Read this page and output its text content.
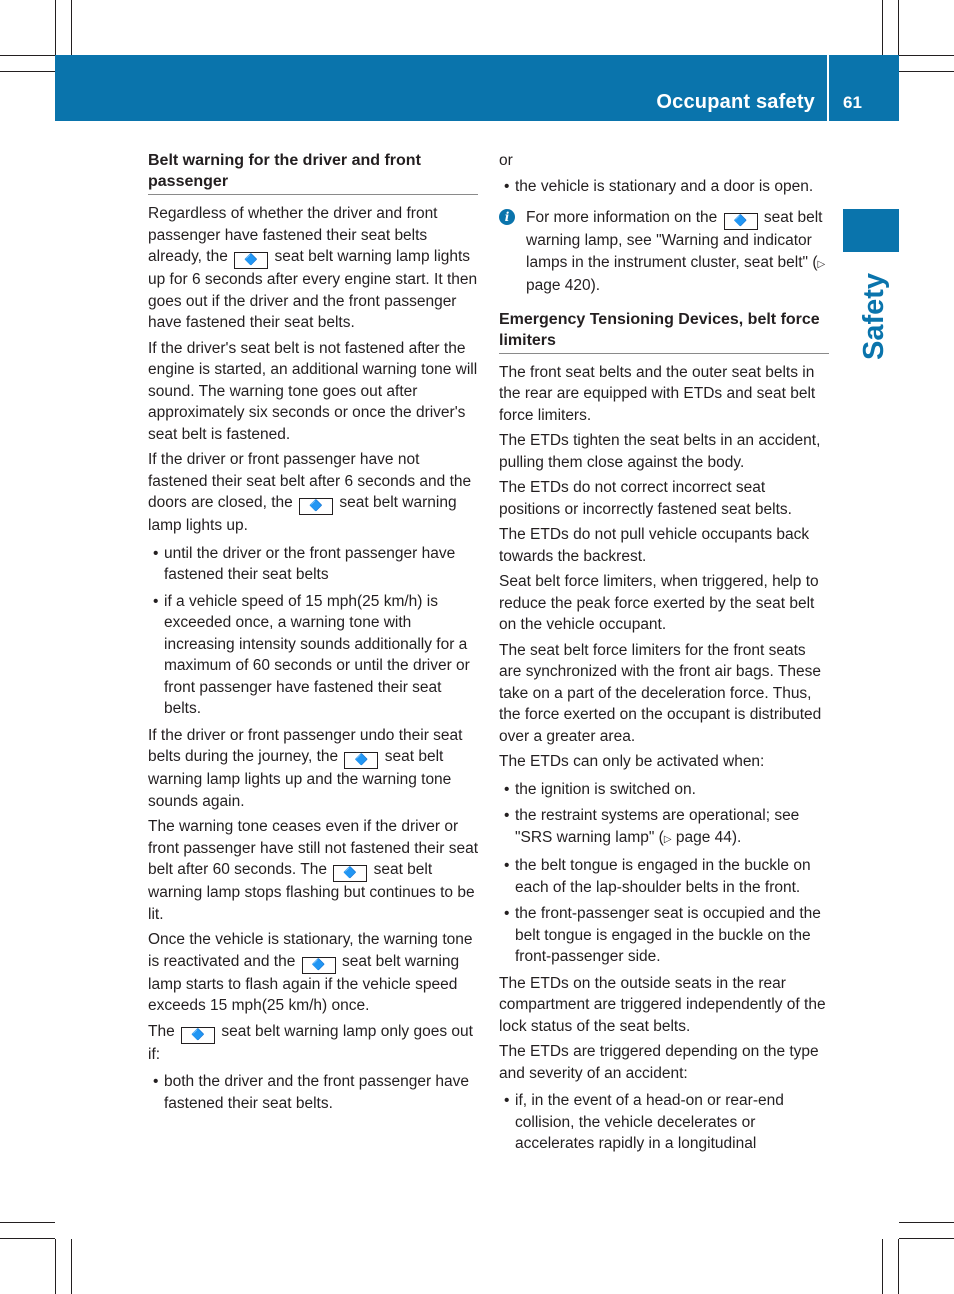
Occupant safety 61
Safety
Belt warning for the driver and front passenger

Regardless of whether the driver and front passenger have fastened their seat belts already, the 🔷 seat belt warning lamp lights up for 6 seconds after every engine start. It then goes out if the driver and the front passenger have fastened their seat belts.

If the driver's seat belt is not fastened after the engine is started, an additional warning tone will sound. The warning tone goes out after approximately six seconds or once the driver's seat belt is fastened.

If the driver or front passenger have not fastened their seat belt after 6 seconds and the doors are closed, the 🔷 seat belt warning lamp lights up.

• until the driver or the front passenger have fastened their seat belts
• if a vehicle speed of 15 mph(25 km/h) is exceeded once, a warning tone with increasing intensity sounds additionally for a maximum of 60 seconds or until the driver or front passenger have fastened their seat belts.

If the driver or front passenger undo their seat belts during the journey, the 🔷 seat belt warning lamp lights up and the warning tone sounds again.

The warning tone ceases even if the driver or front passenger have still not fastened their seat belt after 60 seconds. The 🔷 seat belt warning lamp stops flashing but continues to be lit.

Once the vehicle is stationary, the warning tone is reactivated and the 🔷 seat belt warning lamp starts to flash again if the vehicle speed exceeds 15 mph(25 km/h) once.

The 🔷 seat belt warning lamp only goes out if:

• both the driver and the front passenger have fastened their seat belts.

or

• the vehicle is stationary and a door is open.
i	For more information on the 🔷 seat belt warning lamp, see "Warning and indicator lamps in the instrument cluster, seat belt" (▷ page 420).
Emergency Tensioning Devices, belt force limiters

The front seat belts and the outer seat belts in the rear are equipped with ETDs and seat belt force limiters.

The ETDs tighten the seat belts in an accident, pulling them close against the body.

The ETDs do not correct incorrect seat positions or incorrectly fastened seat belts.

The ETDs do not pull vehicle occupants back towards the backrest.

Seat belt force limiters, when triggered, help to reduce the peak force exerted by the seat belt on the vehicle occupant.

The seat belt force limiters for the front seats are synchronized with the front air bags. These take on a part of the deceleration force. Thus, the force exerted on the occupant is distributed over a greater area.

The ETDs can only be activated when:

• the ignition is switched on.
• the restraint systems are operational; see "SRS warning lamp" (▷ page 44).
• the belt tongue is engaged in the buckle on each of the lap-shoulder belts in the front.
• the front-passenger seat is occupied and the belt tongue is engaged in the buckle on the front-passenger side.

The ETDs on the outside seats in the rear compartment are triggered independently of the lock status of the seat belts.

The ETDs are triggered depending on the type and severity of an accident:

• if, in the event of a head-on or rear-end collision, the vehicle decelerates or accelerates rapidly in a longitudinal
